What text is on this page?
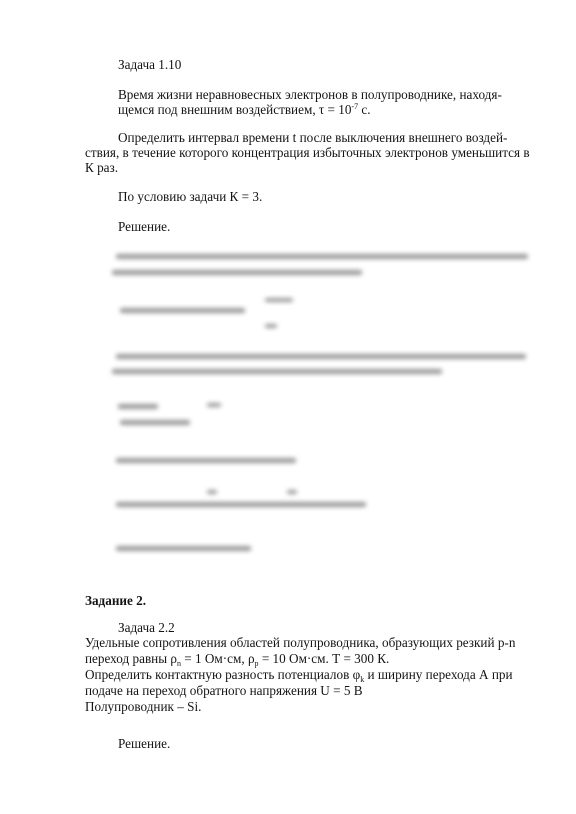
Задача 1.10
Время жизни неравновесных электронов в полупроводнике, находя-
щемся под внешним воздействием, $\tau = 10^{-7}$ с.
Определить интервал времени t после выключения внешнего воздей-
ствия, в течение которого концентрация избыточных электронов уменьшится в
К раз.
По условию задачи К = 3.
Решение.
Задание 2.
Задача 2.2
Удельные сопротивления областей полупроводника, образующих резкий p-n
переход равны $\rho_n = 1$ Ом·см, $\rho_p = 10$ Ом·см. Т = 300 К.
Определить контактную разность потенциалов $\varphi_k$ и ширину перехода А при
подаче на переход обратного напряжения U = 5 В
Полупроводник – Si.
Решение.
